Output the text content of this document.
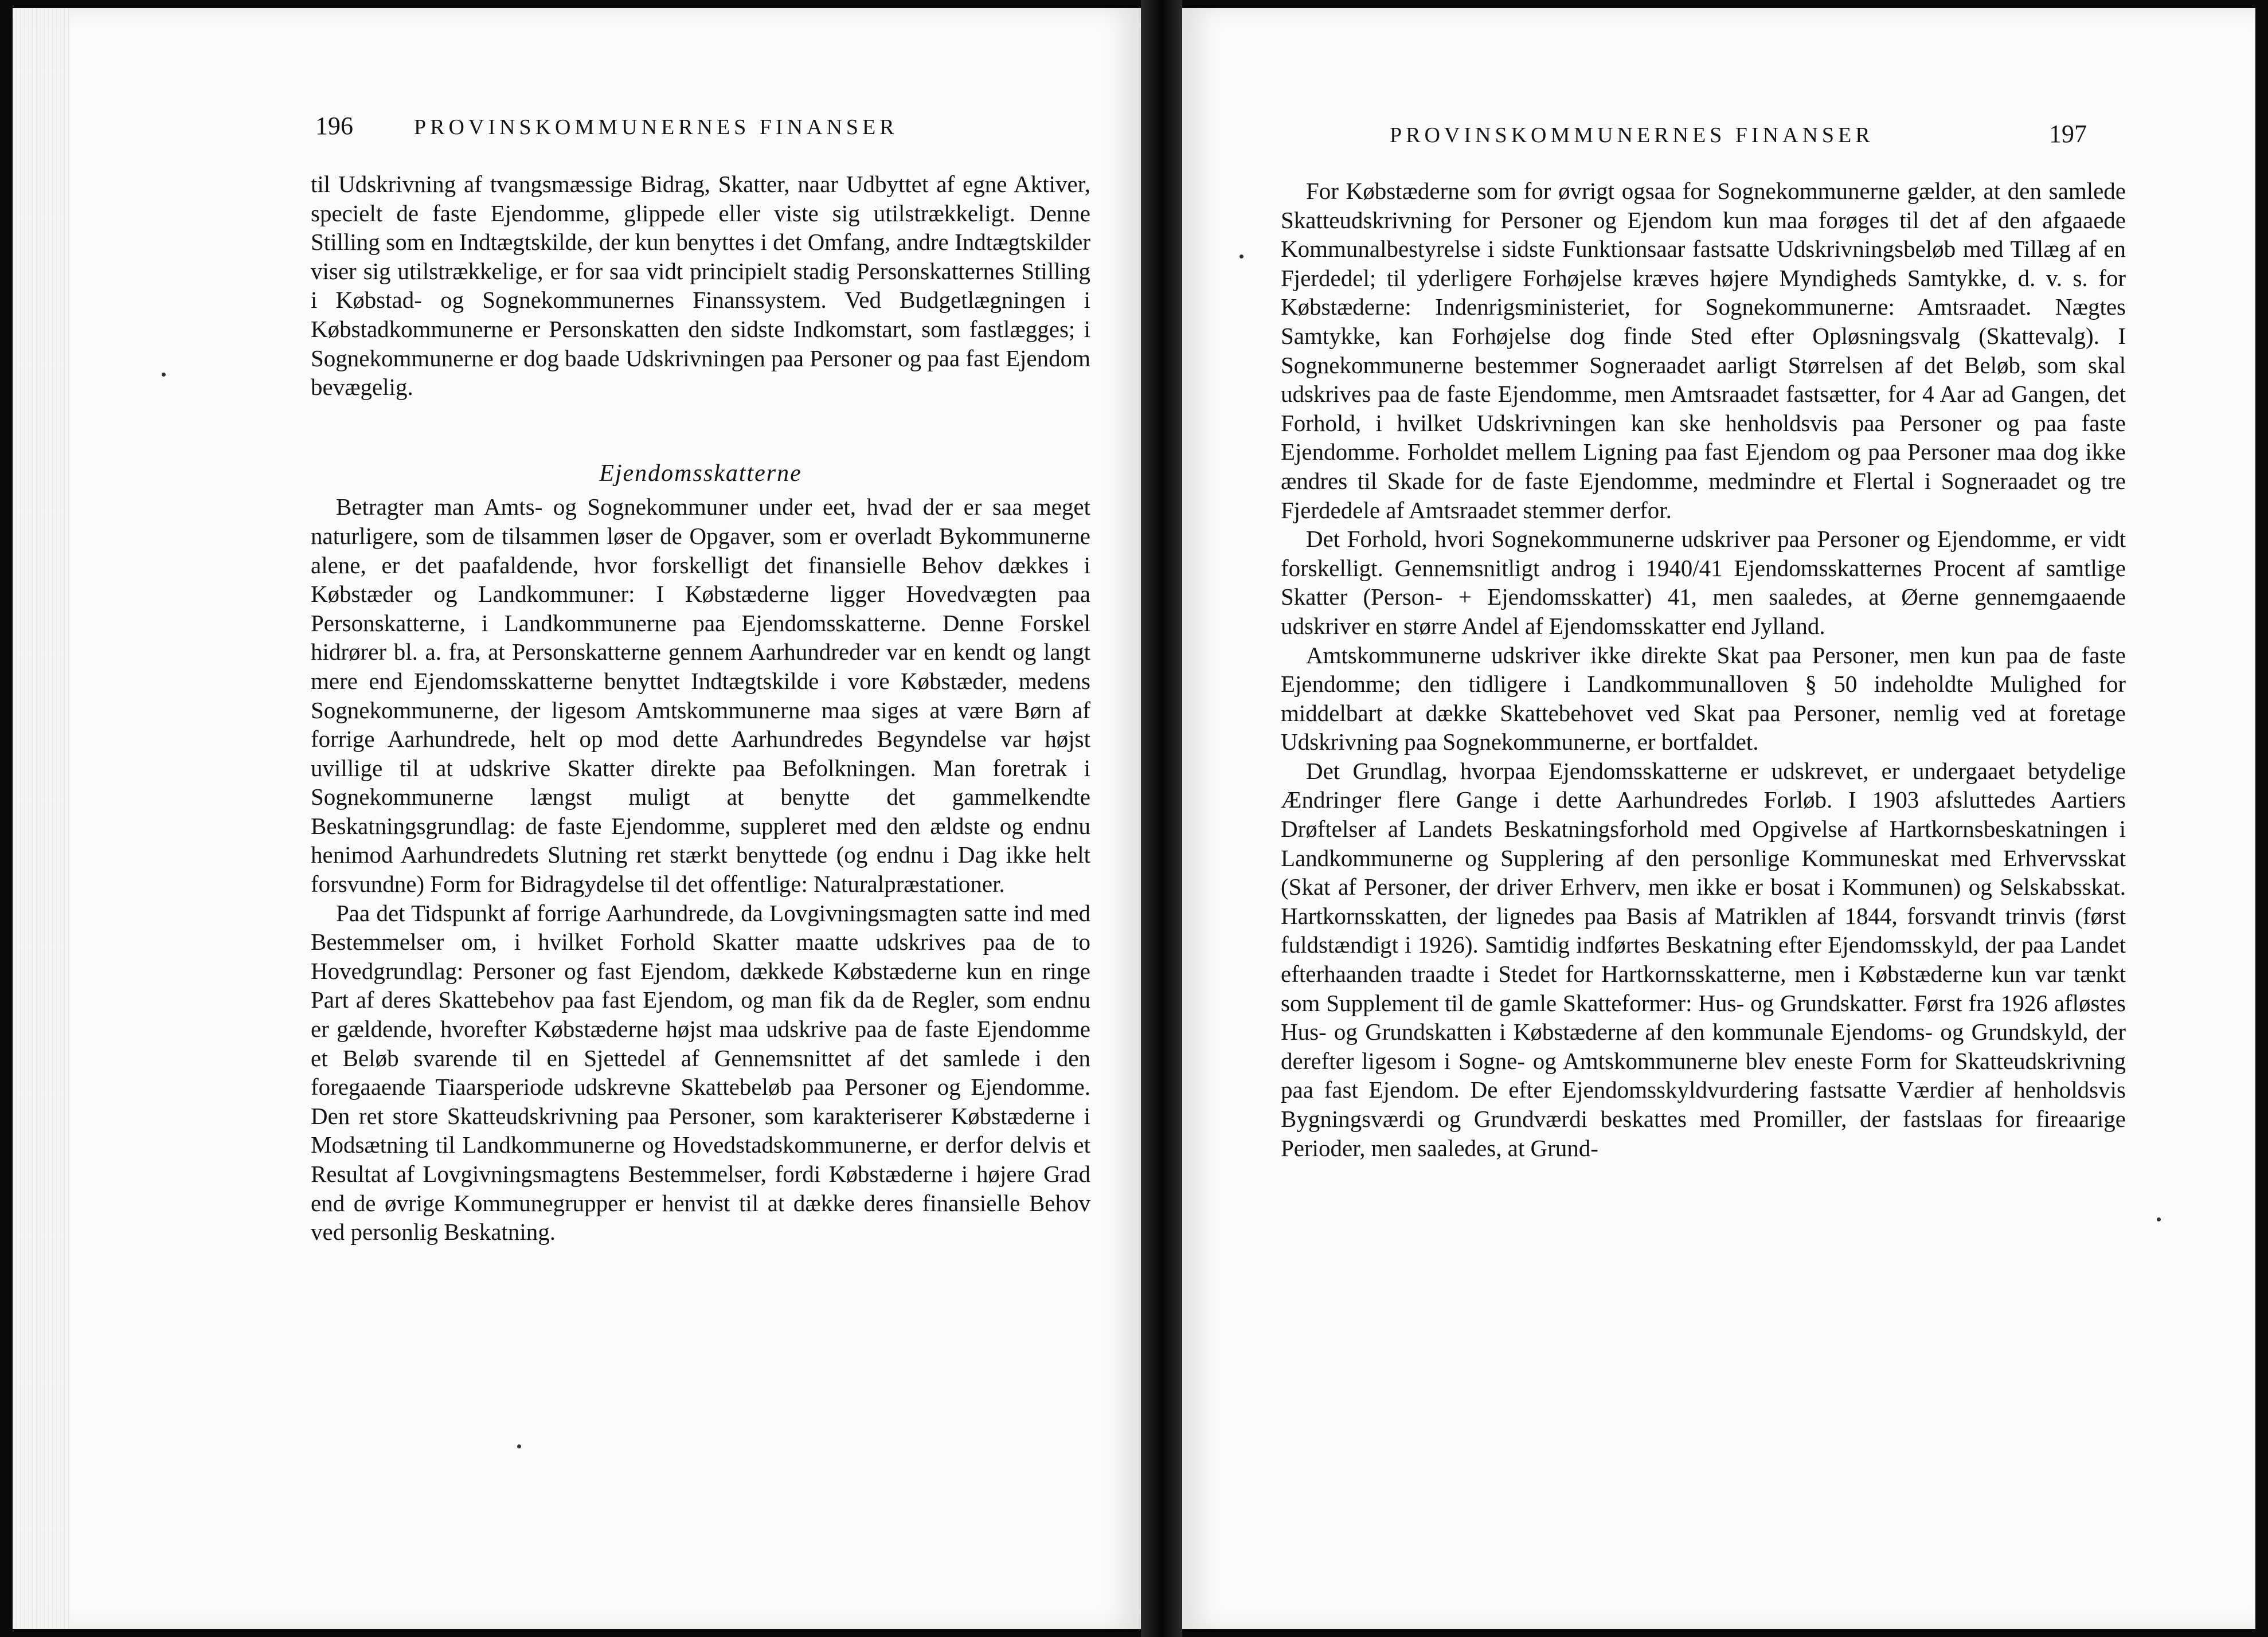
196	PROVINSKOMMUNERNES FINANSER

til Udskrivning af tvangsmæssige Bidrag, Skatter, naar Udbyttet af egne Aktiver, specielt de faste Ejendomme, glippede eller viste sig utilstrækkeligt. Denne Stilling som en Indtægtskilde, der kun benyttes i det Omfang, andre Indtægtskilder viser sig utilstrækkelige, er for saa vidt principielt stadig Personskatternes Stilling i Købstad- og Sognekommunernes Finanssystem. Ved Budgetlægningen i Købstadkommunerne er Personskatten den sidste Indkomstart, som fastlægges; i Sognekommunerne er dog baade Udskrivningen paa Personer og paa fast Ejendom bevægelig.

Ejendomsskatterne

Betragter man Amts- og Sognekommuner under eet, hvad der er saa meget naturligere, som de tilsammen løser de Opgaver, som er overladt Bykommunerne alene, er det paafaldende, hvor forskelligt det finansielle Behov dækkes i Købstæder og Landkommuner: I Købstæderne ligger Hovedvægten paa Personskatterne, i Landkommunerne paa Ejendomsskatterne. Denne Forskel hidrører bl. a. fra, at Personskatterne gennem Aarhundreder var en kendt og langt mere end Ejendomsskatterne benyttet Indtægtskilde i vore Købstæder, medens Sognekommunerne, der ligesom Amtskommunerne maa siges at være Børn af forrige Aarhundrede, helt op mod dette Aarhundredes Begyndelse var højst uvillige til at udskrive Skatter direkte paa Befolkningen. Man foretrak i Sognekommunerne længst muligt at benytte det gammelkendte Beskatningsgrundlag: de faste Ejendomme, suppleret med den ældste og endnu henimod Aarhundredets Slutning ret stærkt benyttede (og endnu i Dag ikke helt forsvundne) Form for Bidragydelse til det offentlige: Naturalpræstationer.

Paa det Tidspunkt af forrige Aarhundrede, da Lovgivningsmagten satte ind med Bestemmelser om, i hvilket Forhold Skatter maatte udskrives paa de to Hovedgrundlag: Personer og fast Ejendom, dækkede Købstæderne kun en ringe Part af deres Skattebehov paa fast Ejendom, og man fik da de Regler, som endnu er gældende, hvorefter Købstæderne højst maa udskrive paa de faste Ejendomme et Beløb svarende til en Sjettedel af Gennemsnittet af det samlede i den foregaaende Tiaarsperiode udskrevne Skattebeløb paa Personer og Ejendomme. Den ret store Skatteudskrivning paa Personer, som karakteriserer Købstæderne i Modsætning til Landkommunerne og Hovedstadskommunerne, er derfor delvis et Resultat af Lovgivningsmagtens Bestemmelser, fordi Købstæderne i højere Grad end de øvrige Kommunegrupper er henvist til at dække deres finansielle Behov ved personlig Beskatning.

PROVINSKOMMUNERNES FINANSER	197

For Købstæderne som for øvrigt ogsaa for Sognekommunerne gælder, at den samlede Skatteudskrivning for Personer og Ejendom kun maa forøges til det af den afgaaede Kommunalbestyrelse i sidste Funktionsaar fastsatte Udskrivningsbeløb med Tillæg af en Fjerdedel; til yderligere Forhøjelse kræves højere Myndigheds Samtykke, d. v. s. for Købstæderne: Indenrigsministeriet, for Sognekommunerne: Amtsraadet. Nægtes Samtykke, kan Forhøjelse dog finde Sted efter Opløsningsvalg (Skattevalg). I Sognekommunerne bestemmer Sogneraadet aarligt Størrelsen af det Beløb, som skal udskrives paa de faste Ejendomme, men Amtsraadet fastsætter, for 4 Aar ad Gangen, det Forhold, i hvilket Udskrivningen kan ske henholdsvis paa Personer og paa faste Ejendomme. Forholdet mellem Ligning paa fast Ejendom og paa Personer maa dog ikke ændres til Skade for de faste Ejendomme, medmindre et Flertal i Sogneraadet og tre Fjerdedele af Amtsraadet stemmer derfor.

Det Forhold, hvori Sognekommunerne udskriver paa Personer og Ejendomme, er vidt forskelligt. Gennemsnitligt androg i 1940/41 Ejendomsskatternes Procent af samtlige Skatter (Person- + Ejendomsskatter) 41, men saaledes, at Øerne gennemgaaende udskriver en større Andel af Ejendomsskatter end Jylland.

Amtskommunerne udskriver ikke direkte Skat paa Personer, men kun paa de faste Ejendomme; den tidligere i Landkommunalloven § 50 indeholdte Mulighed for middelbart at dække Skattebehovet ved Skat paa Personer, nemlig ved at foretage Udskrivning paa Sognekommunerne, er bortfaldet.

Det Grundlag, hvorpaa Ejendomsskatterne er udskrevet, er undergaaet betydelige Ændringer flere Gange i dette Aarhundredes Forløb. I 1903 afsluttedes Aartiers Drøftelser af Landets Beskatningsforhold med Opgivelse af Hartkornsbeskatningen i Landkommunerne og Supplering af den personlige Kommuneskat med Erhvervsskat (Skat af Personer, der driver Erhverv, men ikke er bosat i Kommunen) og Selskabsskat. Hartkornsskatten, der lignedes paa Basis af Matriklen af 1844, forsvandt trinvis (først fuldstændigt i 1926). Samtidig indførtes Beskatning efter Ejendomsskyld, der paa Landet efterhaanden traadte i Stedet for Hartkornsskatterne, men i Købstæderne kun var tænkt som Supplement til de gamle Skatteformer: Hus- og Grundskatter. Først fra 1926 afløstes Hus- og Grundskatten i Købstæderne af den kommunale Ejendoms- og Grundskyld, der derefter ligesom i Sogne- og Amtskommunerne blev eneste Form for Skatteudskrivning paa fast Ejendom. De efter Ejendomsskyldvurdering fastsatte Værdier af henholdsvis Bygningsværdi og Grundværdi beskattes med Promiller, der fastslaas for fireaarige Perioder, men saaledes, at Grund-
